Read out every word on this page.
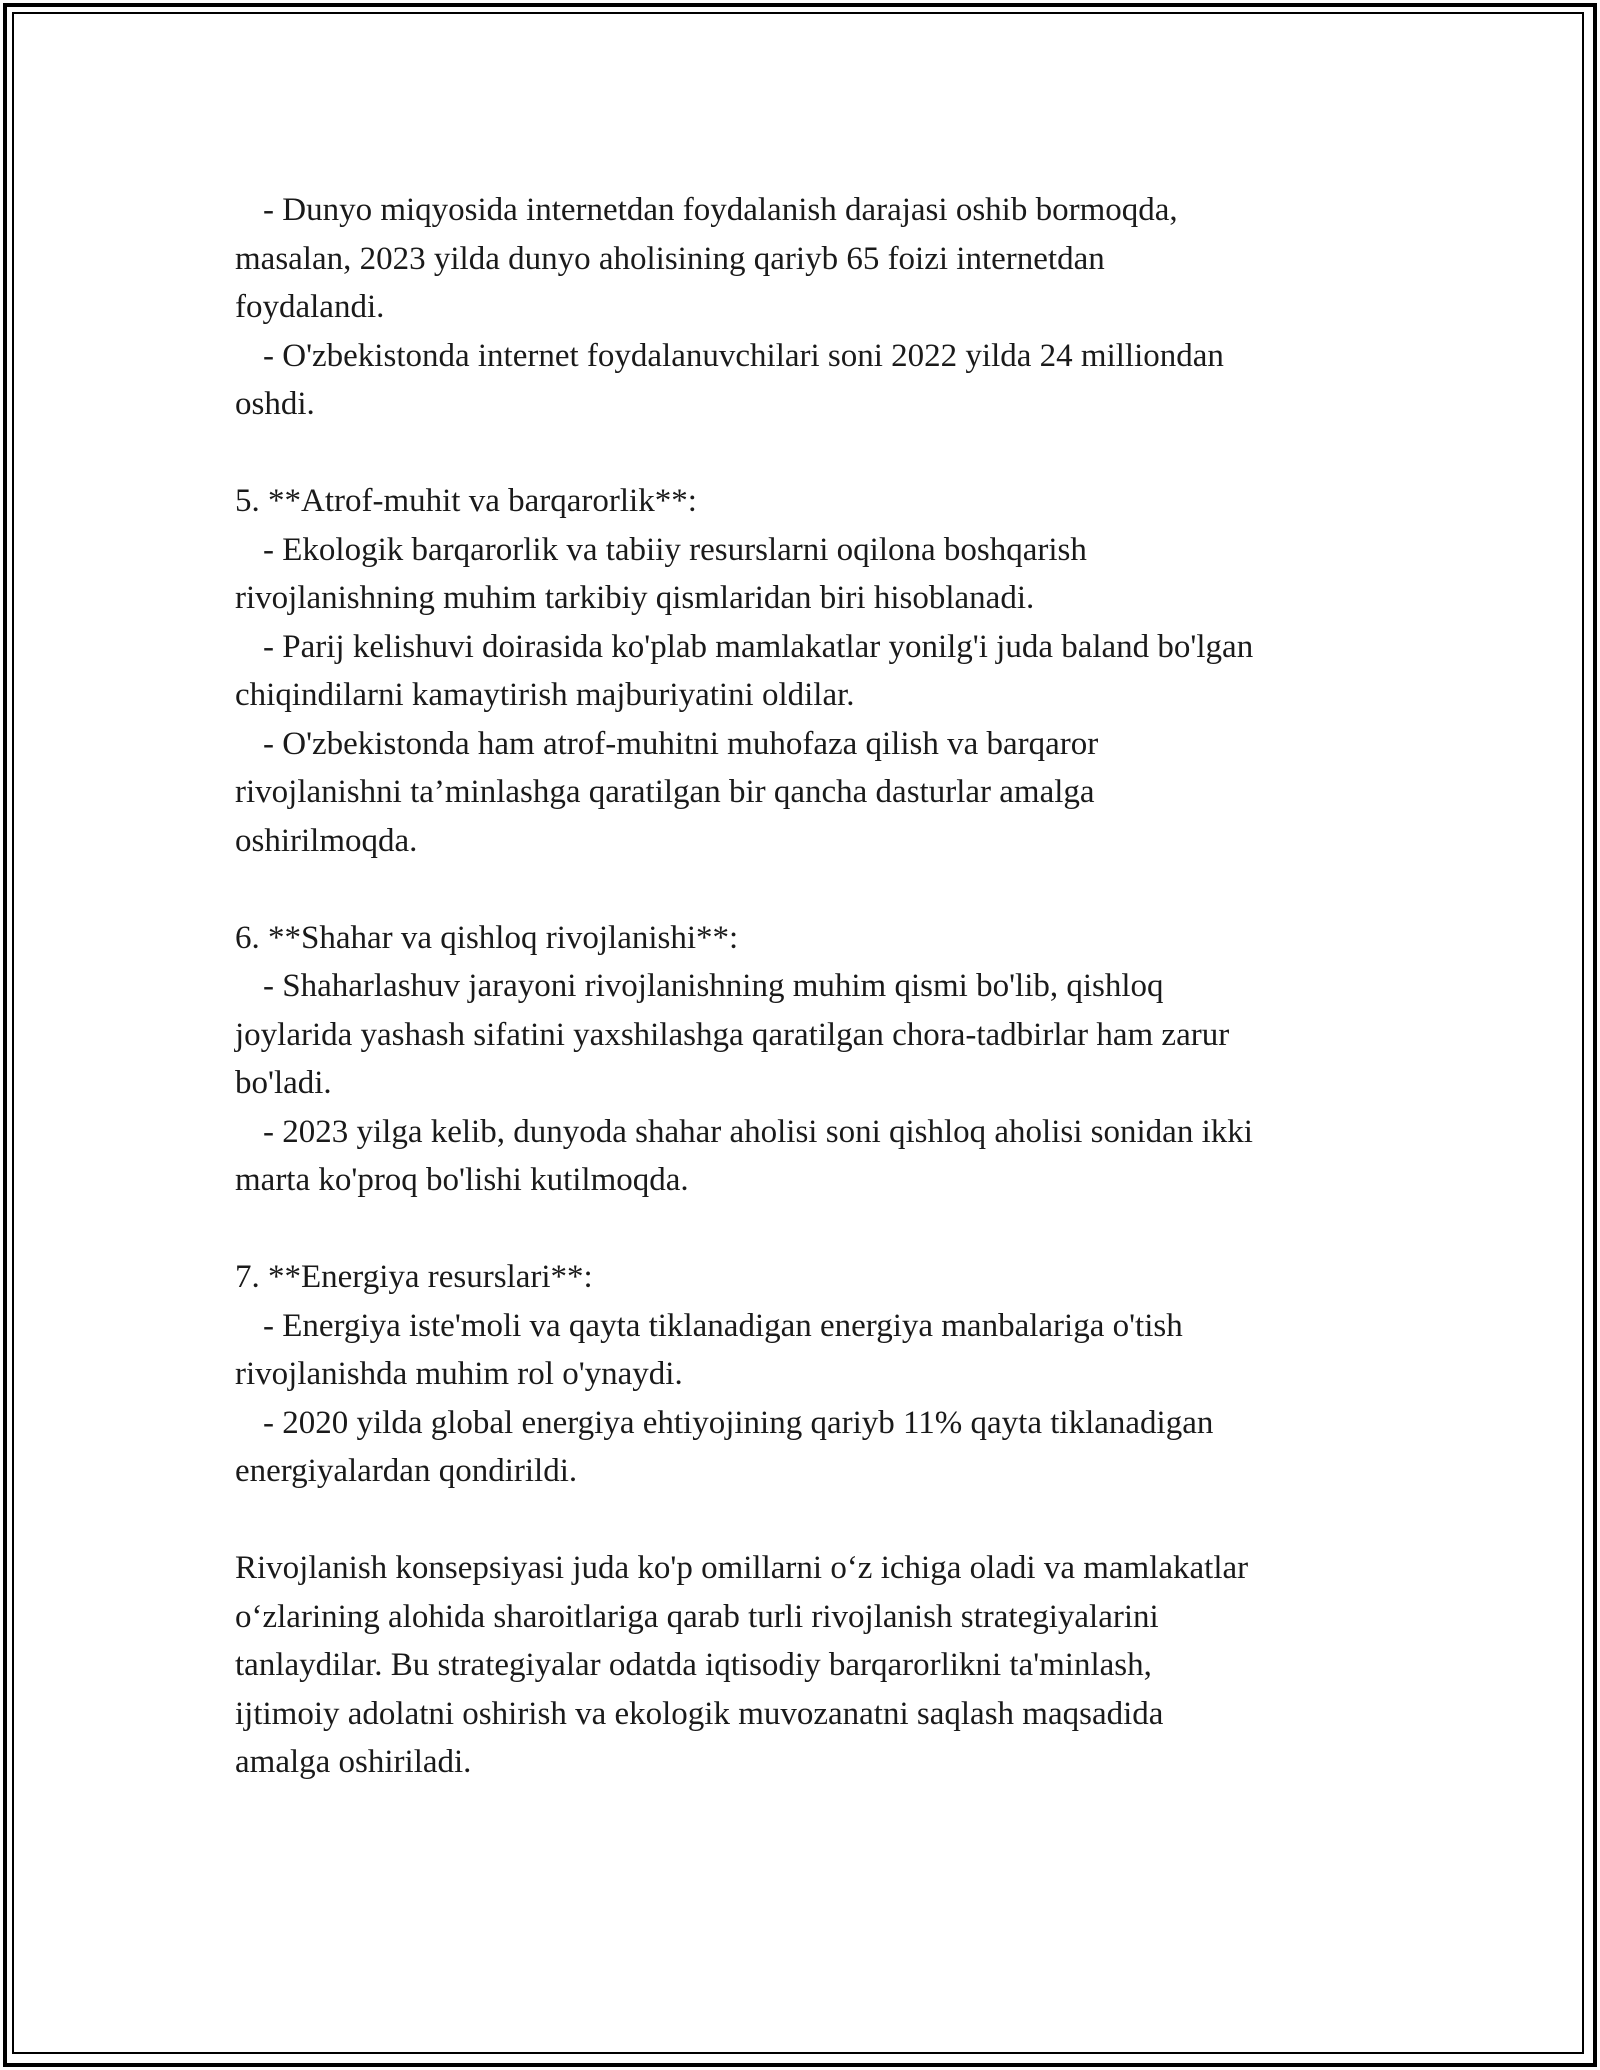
- Dunyo miqyosida internetdan foydalanish darajasi oshib bormoqda,
masalan, 2023 yilda dunyo aholisining qariyb 65 foizi internetdan
foydalandi.
- O'zbekistonda internet foydalanuvchilari soni 2022 yilda 24 milliondan
oshdi.
5. **Atrof-muhit va barqarorlik**:
- Ekologik barqarorlik va tabiiy resurslarni oqilona boshqarish
rivojlanishning muhim tarkibiy qismlaridan biri hisoblanadi.
- Parij kelishuvi doirasida ko'plab mamlakatlar yonilg'i juda baland bo'lgan
chiqindilarni kamaytirish majburiyatini oldilar.
- O'zbekistonda ham atrof-muhitni muhofaza qilish va barqaror
rivojlanishni ta’minlashga qaratilgan bir qancha dasturlar amalga
oshirilmoqda.
6. **Shahar va qishloq rivojlanishi**:
- Shaharlashuv jarayoni rivojlanishning muhim qismi bo'lib, qishloq
joylarida yashash sifatini yaxshilashga qaratilgan chora-tadbirlar ham zarur
bo'ladi.
- 2023 yilga kelib, dunyoda shahar aholisi soni qishloq aholisi sonidan ikki
marta ko'proq bo'lishi kutilmoqda.
7. **Energiya resurslari**:
- Energiya iste'moli va qayta tiklanadigan energiya manbalariga o'tish
rivojlanishda muhim rol o'ynaydi.
- 2020 yilda global energiya ehtiyojining qariyb 11% qayta tiklanadigan
energiyalardan qondirildi.
Rivojlanish konsepsiyasi juda ko'p omillarni o‘z ichiga oladi va mamlakatlar
o‘zlarining alohida sharoitlariga qarab turli rivojlanish strategiyalarini
tanlaydilar. Bu strategiyalar odatda iqtisodiy barqarorlikni ta'minlash,
ijtimoiy adolatni oshirish va ekologik muvozanatni saqlash maqsadida
amalga oshiriladi.
